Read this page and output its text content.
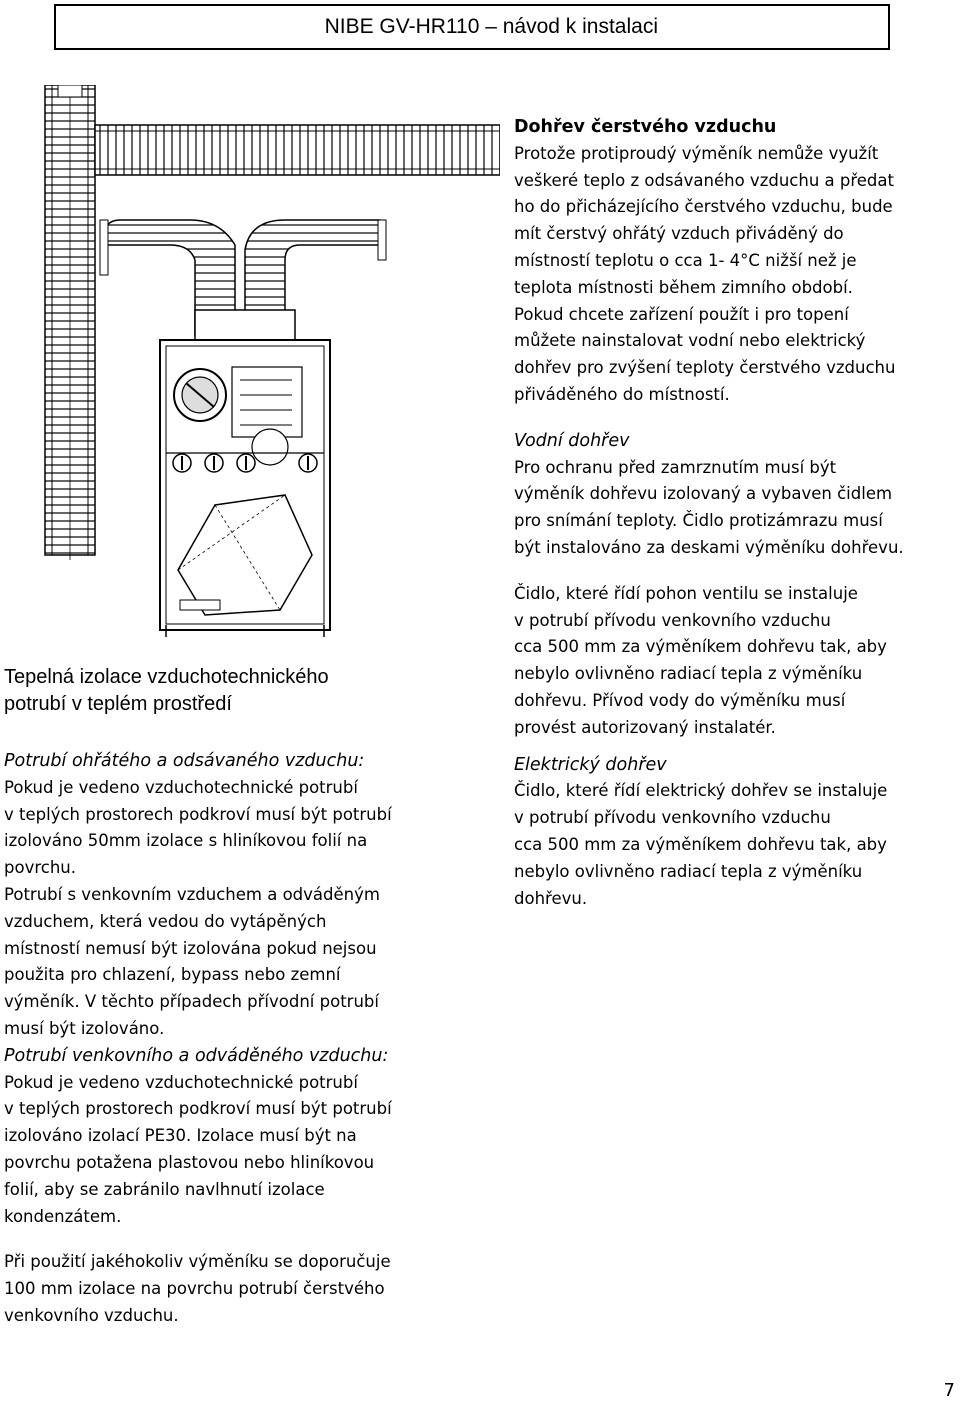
NIBE GV-HR110 – návod k instalaci
Tepelná izolace vzduchotechnického
potrubí v teplém prostředí
Potrubí ohřátého a odsávaného vzduchu:

Pokud je vedeno vzduchotechnické potrubí
v teplých prostorech podkroví musí být potrubí
izolováno 50mm izolace s hliníkovou folií na
povrchu.

Potrubí s venkovním vzduchem a odváděným
vzduchem, která vedou do vytápěných
místností nemusí být izolována pokud nejsou
použita pro chlazení, bypass nebo zemní
výměník. V těchto případech přívodní potrubí
musí být izolováno.

Potrubí venkovního a odváděného vzduchu:

Pokud je vedeno vzduchotechnické potrubí
v teplých prostorech podkroví musí být potrubí
izolováno izolací PE30. Izolace musí být na
povrchu potažena plastovou nebo hliníkovou
folií, aby se zabránilo navlhnutí izolace
kondenzátem.

Při použití jakéhokoliv výměníku se doporučuje
100 mm izolace na povrchu potrubí čerstvého
venkovního vzduchu.

Dohřev čerstvého vzduchu

Protože protiproudý výměník nemůže využít
veškeré teplo z odsávaného vzduchu a předat
ho do přicházejícího čerstvého vzduchu, bude
mít čerstvý ohřátý vzduch přiváděný do
místností teplotu o cca 1- 4°C nižší než je
teplota místnosti během zimního období.
Pokud chcete zařízení použít i pro topení
můžete nainstalovat vodní nebo elektrický
dohřev pro zvýšení teploty čerstvého vzduchu
přiváděného do místností.

Vodní dohřev

Pro ochranu před zamrznutím musí být
výměník dohřevu izolovaný a vybaven čidlem
pro snímání teploty. Čidlo protizámrazu musí
být instalováno za deskami výměníku dohřevu.

Čidlo, které řídí pohon ventilu se instaluje
v potrubí přívodu venkovního vzduchu
cca 500 mm za výměníkem dohřevu tak, aby
nebylo ovlivněno radiací tepla z výměníku
dohřevu. Přívod vody do výměníku musí
provést autorizovaný instalatér.

Elektrický dohřev

Čidlo, které řídí elektrický dohřev se instaluje
v potrubí přívodu venkovního vzduchu
cca 500 mm za výměníkem dohřevu tak, aby
nebylo ovlivněno radiací tepla z výměníku
dohřevu.

7
